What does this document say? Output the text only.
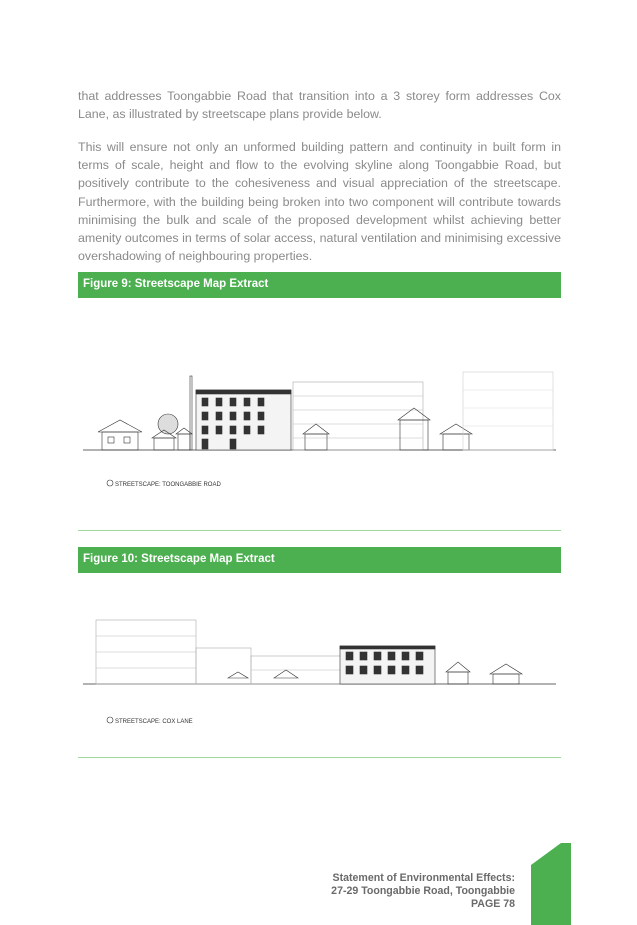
that addresses Toongabbie Road that transition into a 3 storey form addresses Cox Lane, as illustrated by streetscape plans provide below.

This will ensure not only an unformed building pattern and continuity in built form in terms of scale, height and flow to the evolving skyline along Toongabbie Road, but positively contribute to the cohesiveness and visual appreciation of the streetscape. Furthermore, with the building being broken into two component will contribute towards minimising the bulk and scale of the proposed development whilst achieving better amenity outcomes in terms of solar access, natural ventilation and minimising excessive overshadowing of neighbouring properties.

Figure 9: Streetscape Map Extract
STREETSCAPE: TOONGABBIE ROAD
Figure 10: Streetscape Map Extract
STREETSCAPE: COX LANE
Statement of Environmental Effects:
27-29 Toongabbie Road, Toongabbie
PAGE 78
